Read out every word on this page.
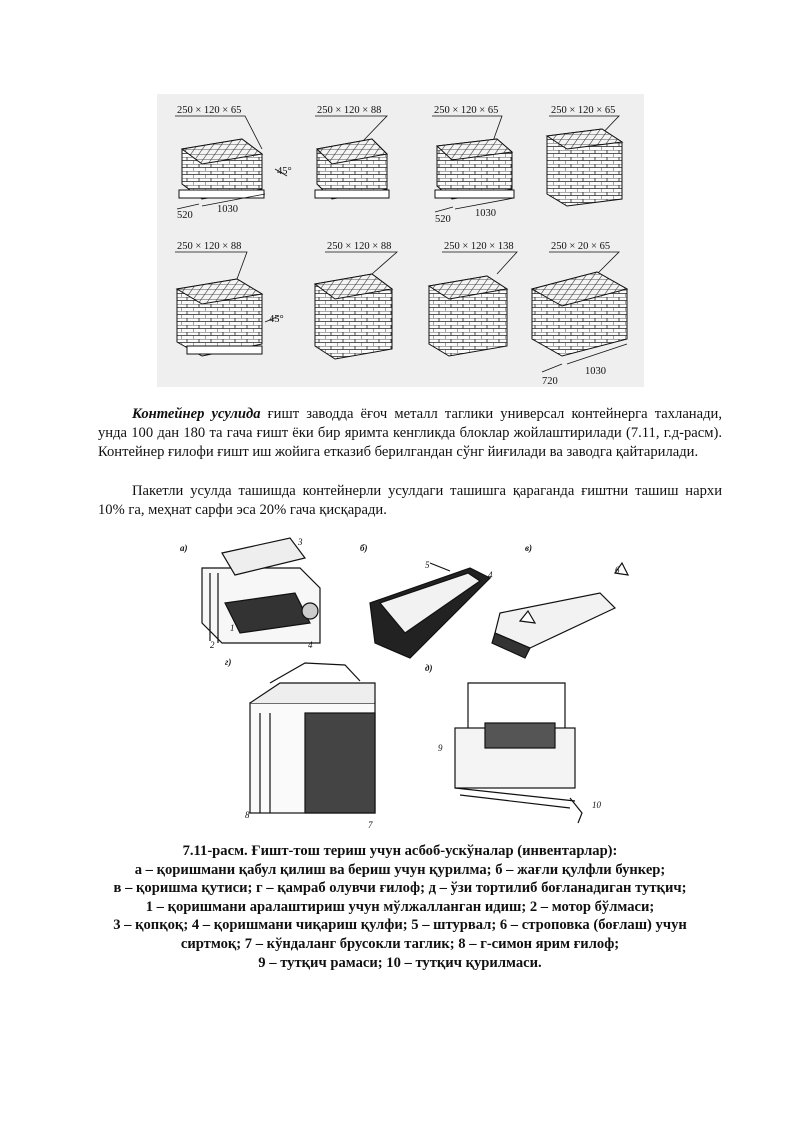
250 × 120 × 65	250 × 120 × 88	250 × 120 × 65	250 × 120 × 65
250 × 120 × 88	250 × 120 × 88	250 × 120 × 138	250 × 20 × 65
520
1030
520
1030
720
1030
45°
45°

Контейнер усулида ғишт заводда ёғоч металл таглики универсал контейнерга тахланади, унда 100 дан 180 та гача ғишт ёки бир яримта кенгликда блоклар жойлаштирилади (7.11, г.д-расм). Контейнер ғилофи ғишт иш жойига етказиб берилгандан сўнг йиғилади ва заводга қайтарилади.

Пакетли усулда ташишда контейнерли усулдаги ташишга қараганда ғиштни ташиш нархи 10% га, меҳнат сарфи эса 20% гача қисқаради.

а)	б)	в)
г)
д)
1
2
3
4
4
5	6
7
8
9
10

7.11-расм. Ғишт-тош териш учун асбоб-ускўналар (инвентарлар):
а – қоришмани қабул қилиш ва бериш учун қурилма; б – жағли қулфли бункер;
в – қоришма қутиси; г – қамраб олувчи ғилоф; д – ўзи тортилиб боғланадиган тутқич;
1 – қоришмани аралаштириш учун мўлжалланган идиш; 2 – мотор бўлмаси;
3 – қопқоқ; 4 – қоришмани чиқариш қулфи; 5 – штурвал; 6 – строповка (боғлаш) учун
сиртмоқ; 7 – кўндаланг брусокли таглик; 8 – г-симон ярим ғилоф;
9 – тутқич рамаси; 10 – тутқич қурилмаси.
